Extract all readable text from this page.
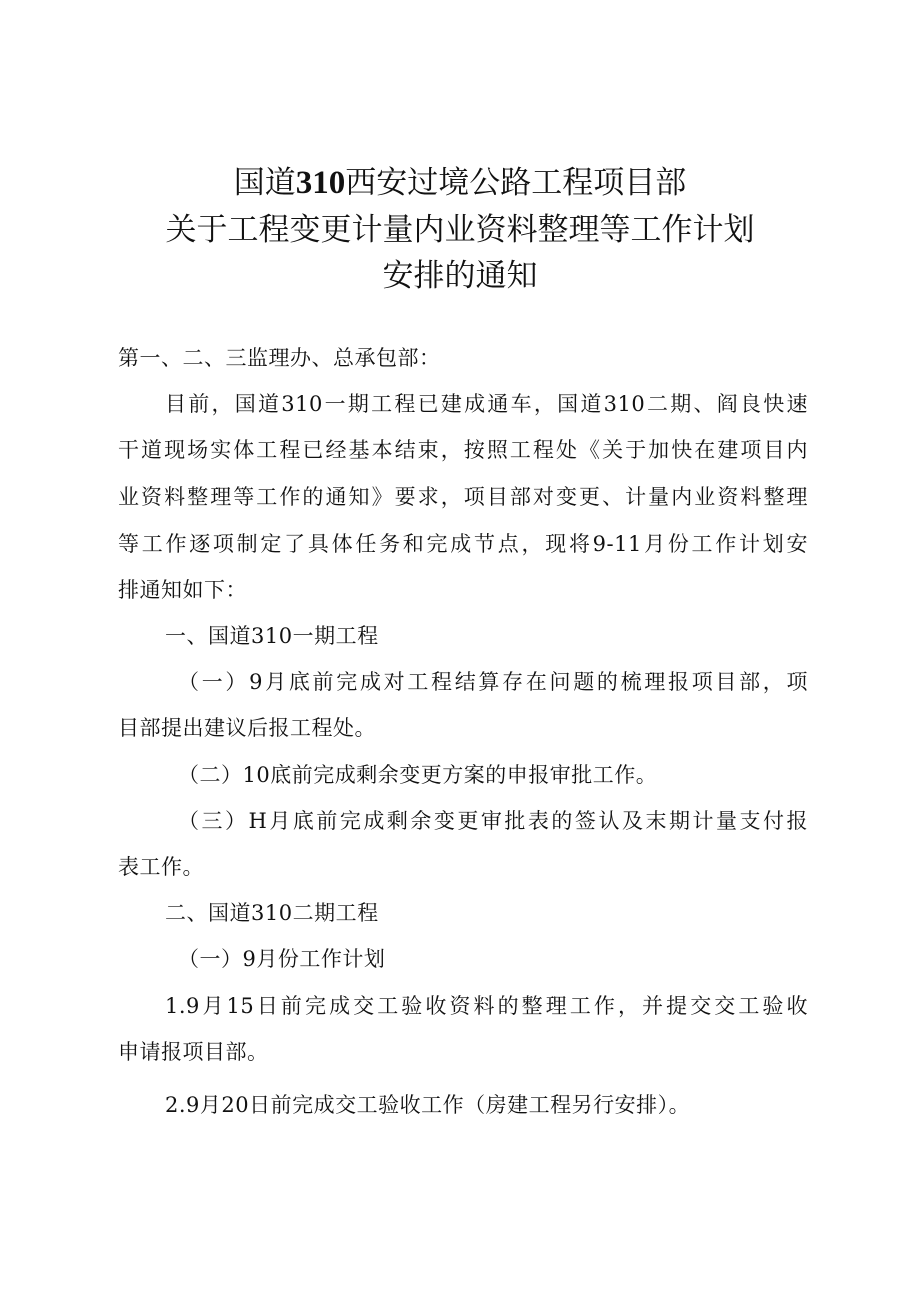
国道310西安过境公路工程项目部
关于工程变更计量内业资料整理等工作计划
安排的通知
第一、二、三监理办、总承包部：
目前，国道310一期工程已建成通车，国道310二期、阎良快速
干道现场实体工程已经基本结束，按照工程处《关于加快在建项目内
业资料整理等工作的通知》要求，项目部对变更、计量内业资料整理
等工作逐项制定了具体任务和完成节点，现将9-11月份工作计划安
排通知如下：
一、国道310一期工程
（一）9月底前完成对工程结算存在问题的梳理报项目部，项
目部提出建议后报工程处。
（二）10底前完成剩余变更方案的申报审批工作。
（三）H月底前完成剩余变更审批表的签认及末期计量支付报
表工作。
二、国道310二期工程
（一）9月份工作计划
1.9月15日前完成交工验收资料的整理工作，并提交交工验收
申请报项目部。
2.9月20日前完成交工验收工作（房建工程另行安排）。
